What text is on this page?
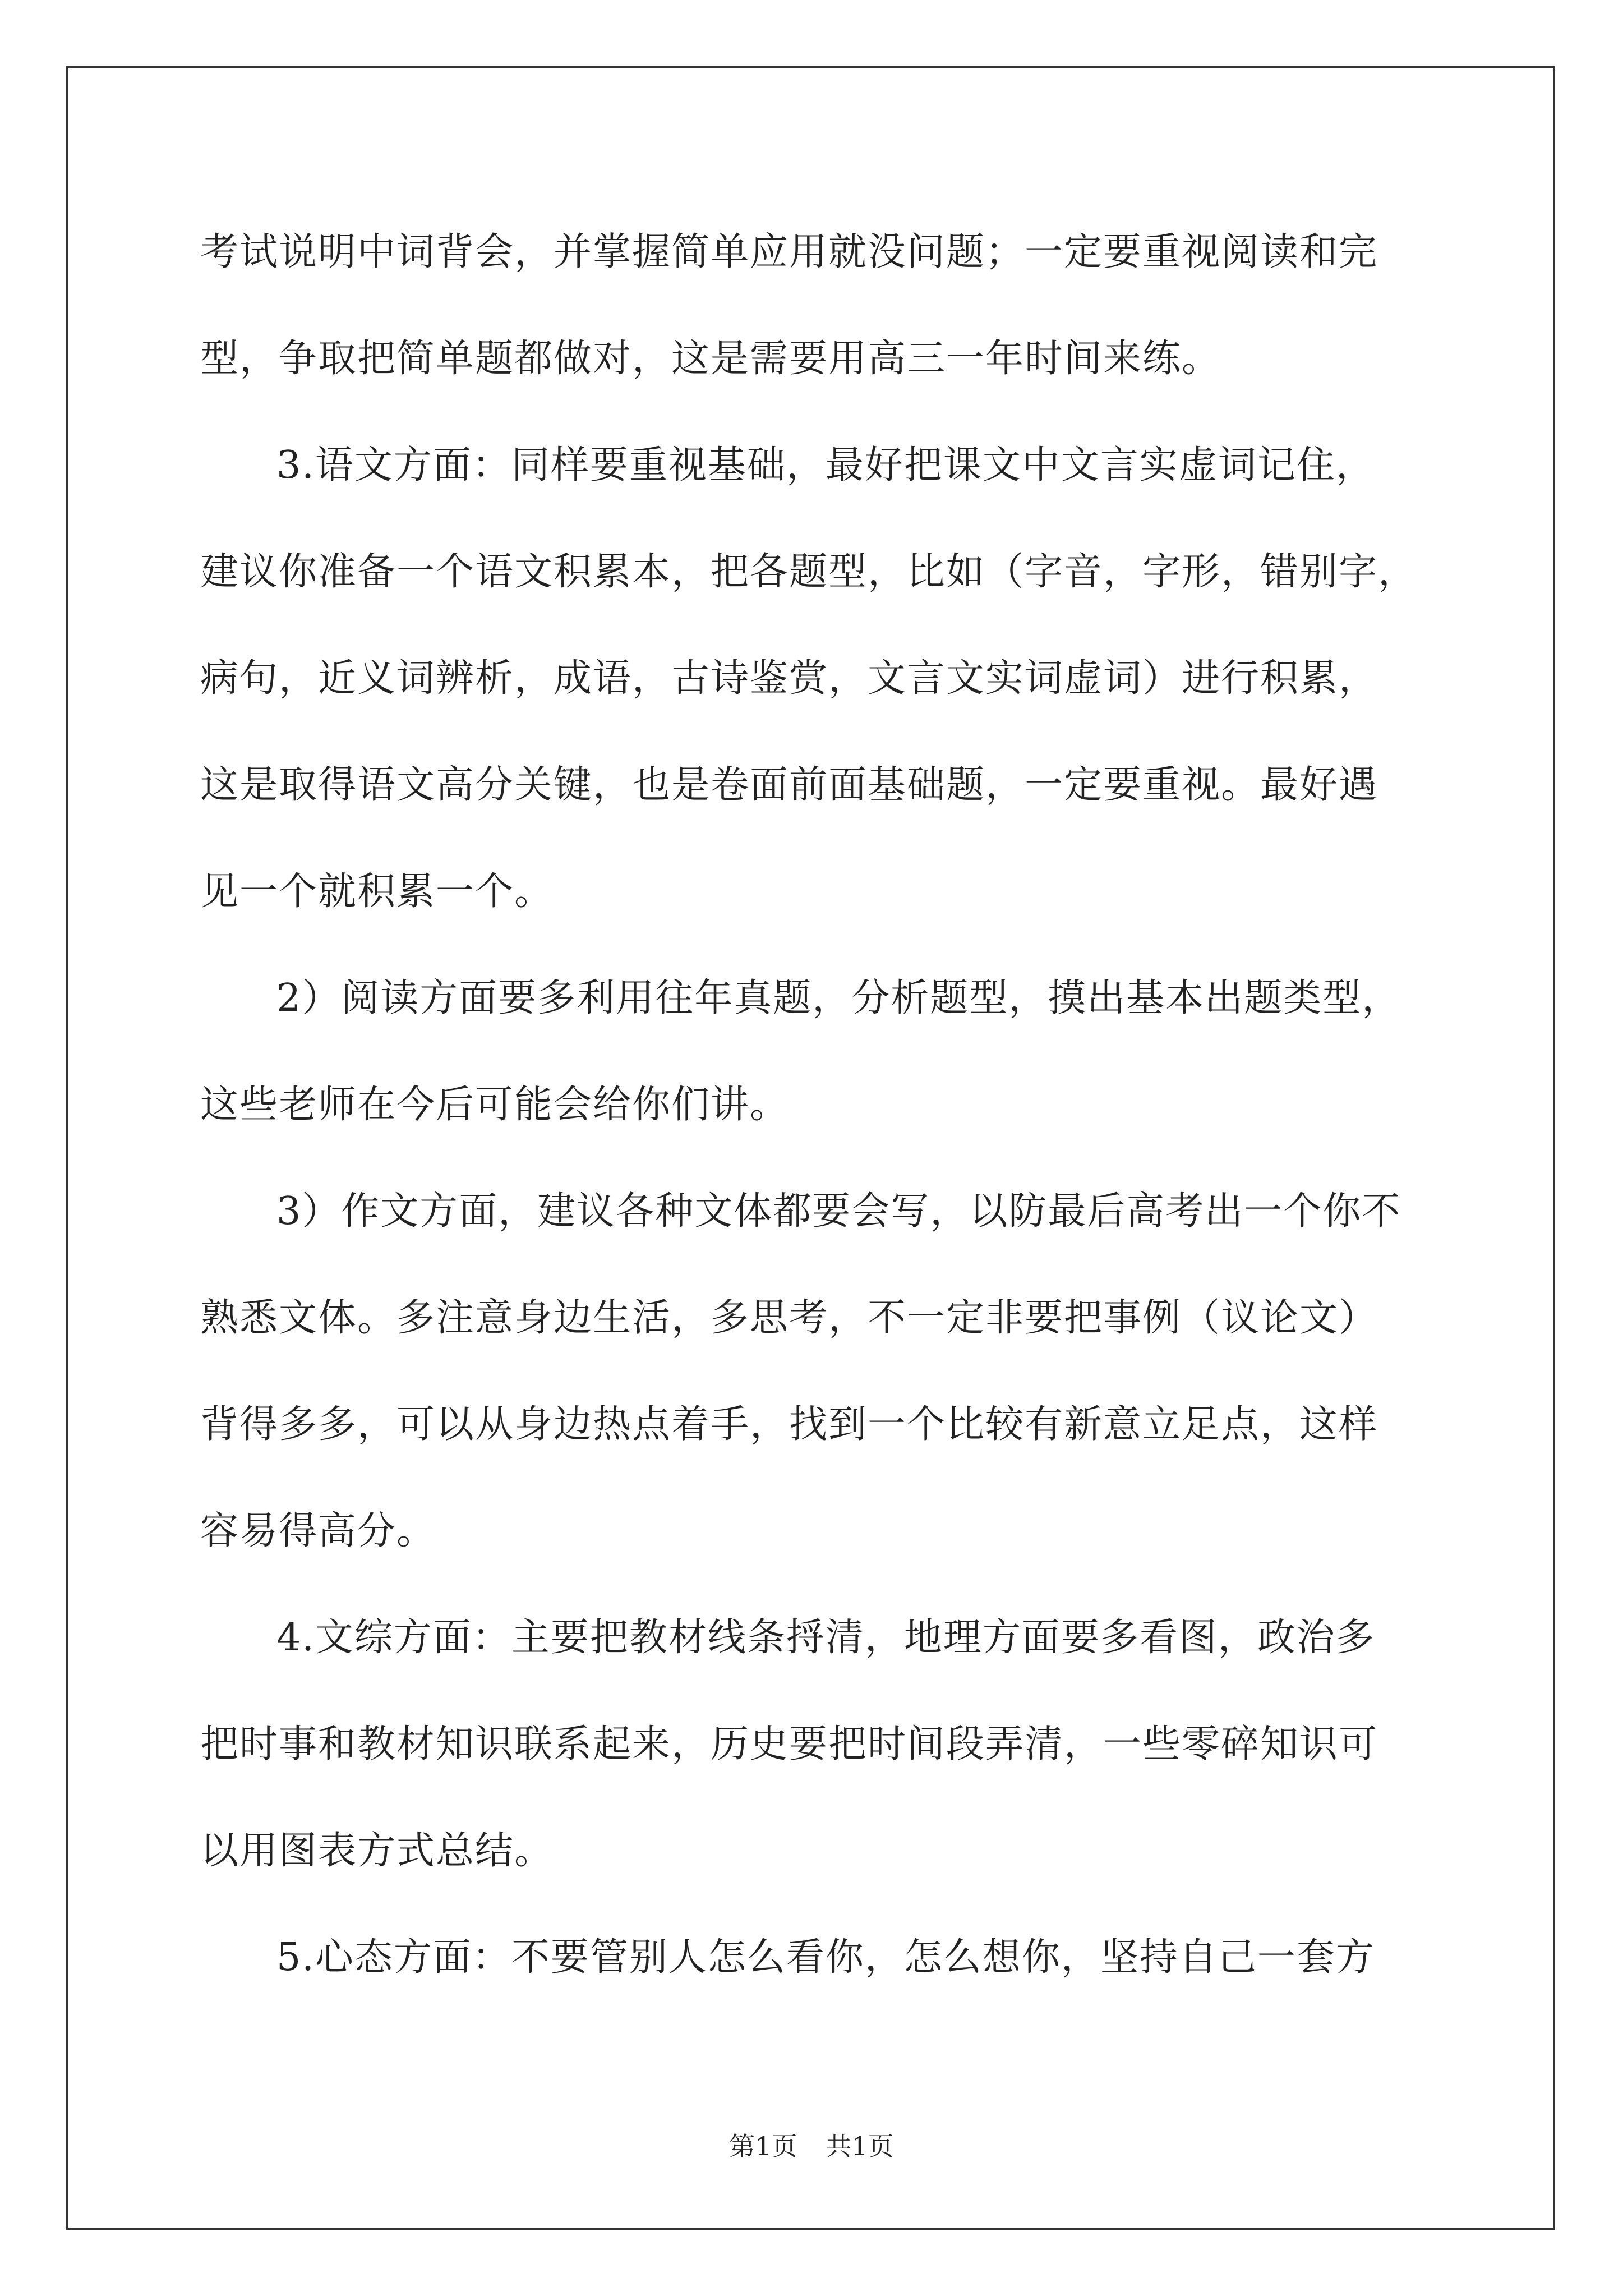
考试说明中词背会，并掌握简单应用就没问题；一定要重视阅读和完
型，争取把简单题都做对，这是需要用高三一年时间来练。
3.语文方面：同样要重视基础，最好把课文中文言实虚词记住，
建议你准备一个语文积累本，把各题型，比如（字音，字形，错别字，
病句，近义词辨析，成语，古诗鉴赏，文言文实词虚词）进行积累，
这是取得语文高分关键，也是卷面前面基础题，一定要重视。最好遇
见一个就积累一个。
2）阅读方面要多利用往年真题，分析题型，摸出基本出题类型，
这些老师在今后可能会给你们讲。
3）作文方面，建议各种文体都要会写，以防最后高考出一个你不
熟悉文体。多注意身边生活，多思考，不一定非要把事例（议论文）
背得多多，可以从身边热点着手，找到一个比较有新意立足点，这样
容易得高分。
4.文综方面：主要把教材线条捋清，地理方面要多看图，政治多
把时事和教材知识联系起来，历史要把时间段弄清，一些零碎知识可
以用图表方式总结。
5.心态方面：不要管别人怎么看你，怎么想你，坚持自己一套方
第1页 共1页
